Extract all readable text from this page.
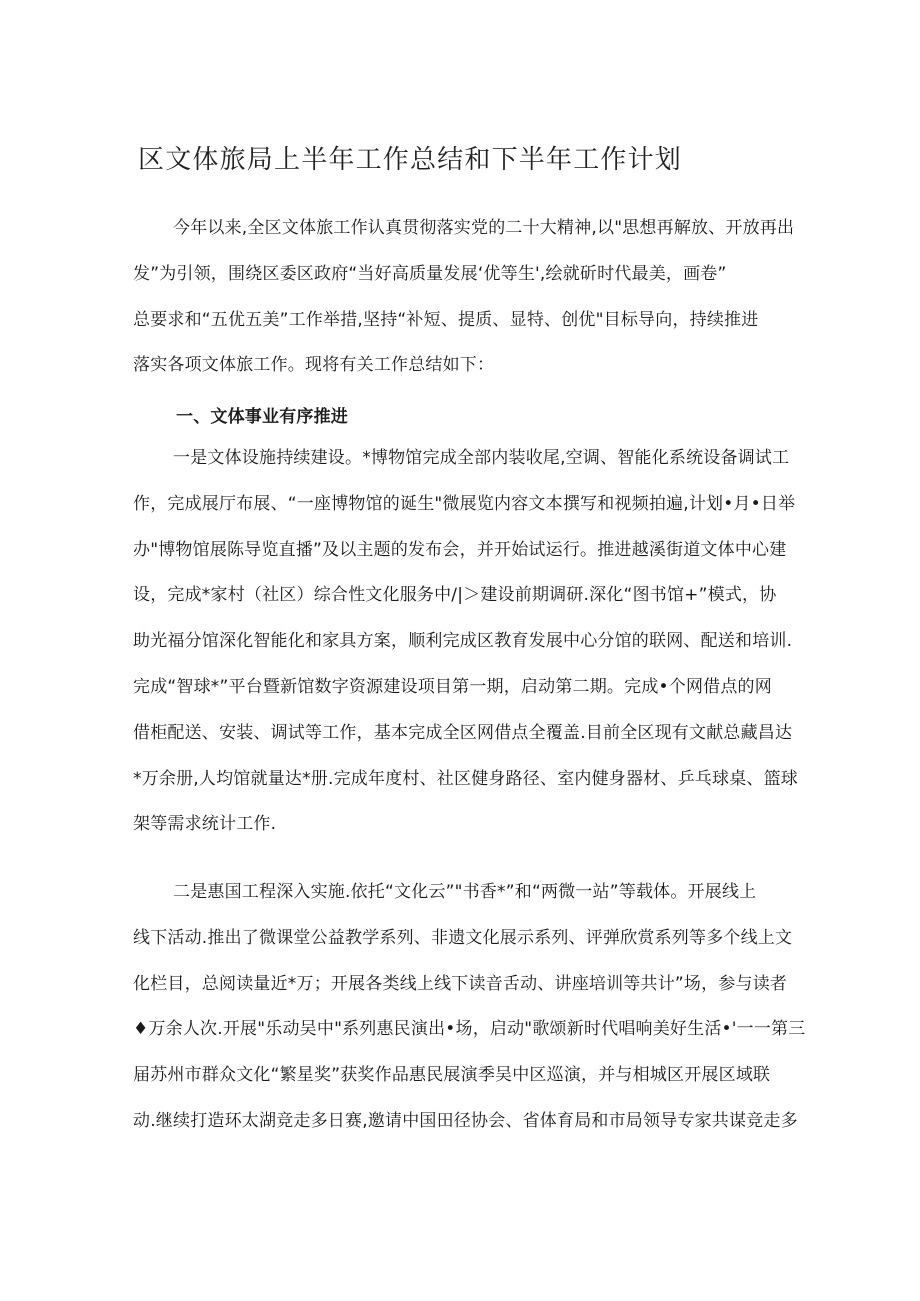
区文体旅局上半年工作总结和下半年工作计划

今年以来,全区文体旅工作认真贯彻落实党的二十大精神,以"思想再解放、开放再出
发”为引领，围绕区委区政府“当好高质量发展‘优等生',绘就斫时代最美，画卷”
总要求和“五优五美”工作举措,坚持“补短、提质、显特、创优"目标导向，持续推进
落实各项文体旅工作。现将有关工作总结如下：

一、文体事业有序推进

一是文体设施持续建设。*博物馆完成全部内装收尾,空调、智能化系统设备调试工
作，完成展厅布展、“一座博物馆的诞生"微展览内容文本撰写和视频拍遍,计划•月•日举
办"博物馆展陈导览直播”及以主题的发布会，并开始试运行。推进越溪街道文体中心建
设，完成*家村（社区）综合性文化服务中∕|＞建设前期调研.深化“图书馆+”模式，协
助光福分馆深化智能化和家具方案，顺利完成区教育发展中心分馆的联网、配送和培训.
完成“智球*”平台暨新馆数字资源建设项目第一期，启动第二期。完成•个网借点的网
借柜配送、安装、调试等工作，基本完成全区网借点全覆盖.目前全区现有文献总藏昌达
*万余册,人均馆就量达*册.完成年度村、社区健身路径、室内健身器材、乒乓球桌、篮球
架等需求统计工作.

二是惠国工程深入实施.依托“文化云”"书香*”和“两微一站”等载体。开展线上
线下活动.推出了微课堂公益教学系列、非遗文化展示系列、评弹欣赏系列等多个线上文
化栏目，总阅读量近*万；开展各类线上线下读音舌动、讲座培训等共计”场，参与读者
♦万余人次.开展"乐动吴中"系列惠民演出•场，启动"歌颂新时代唱响美好生活•'一一第三
届苏州市群众文化“繁星奖”获奖作品惠民展演季吴中区巡演，并与相城区开展区域联
动.继续打造环太湖竞走多日赛,邀请中国田径协会、省体育局和市局领导专家共谋竞走多
